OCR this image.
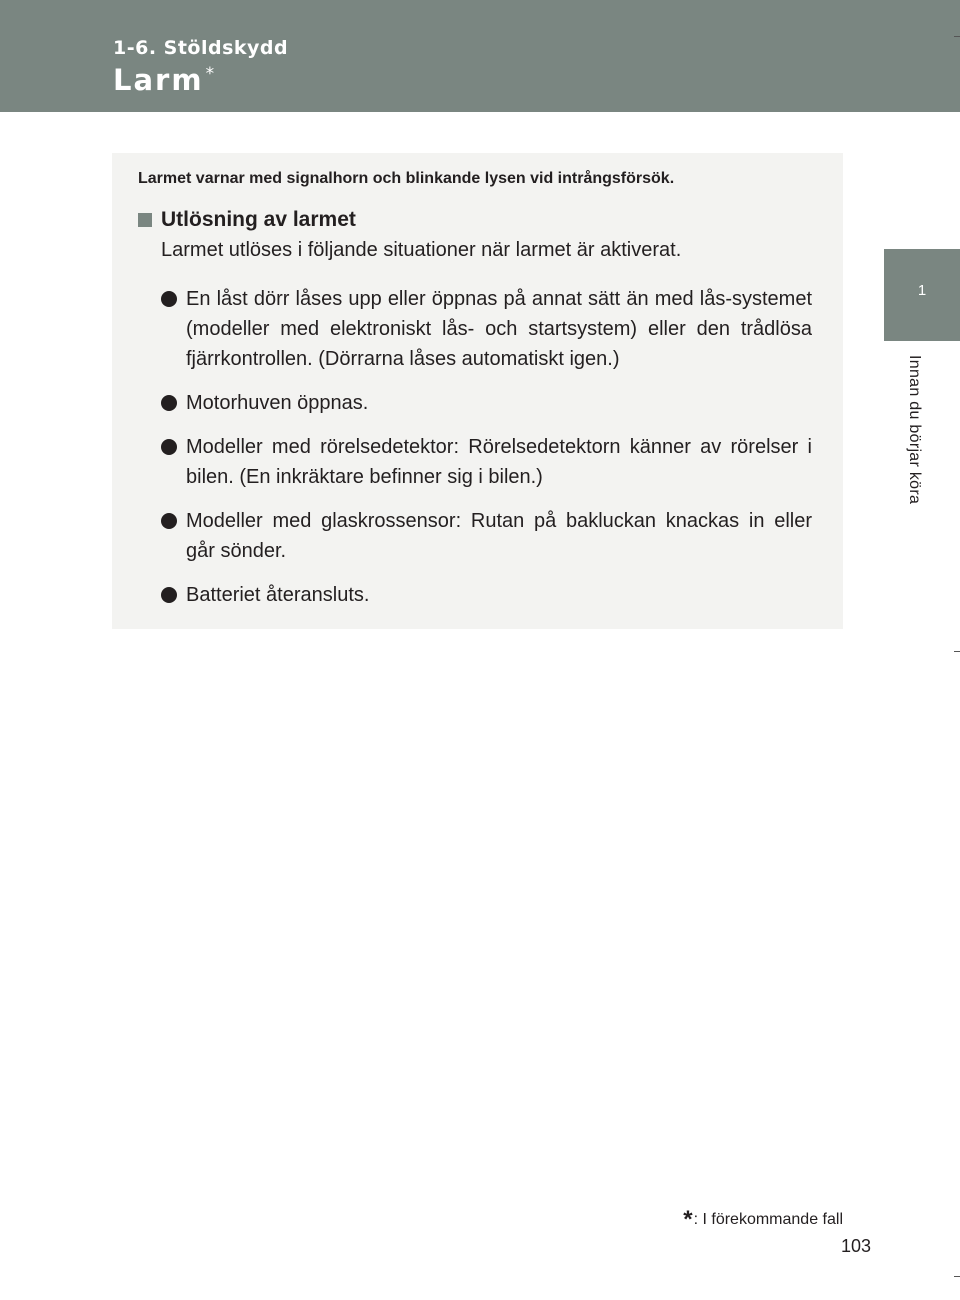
1-6. Stöldskydd
Larm *
1
Innan du börjar köra
Larmet varnar med signalhorn och blinkande lysen vid intrångsförsök.
Utlösning av larmet
Larmet utlöses i följande situationer när larmet är aktiverat.
En låst dörr låses upp eller öppnas på annat sätt än med lås-systemet (modeller med elektroniskt lås- och startsystem) eller den trådlösa fjärrkontrollen. (Dörrarna låses automatiskt igen.)
Motorhuven öppnas.
Modeller med rörelsedetektor: Rörelsedetektorn känner av rörelser i bilen. (En inkräktare befinner sig i bilen.)
Modeller med glaskrossensor: Rutan på bakluckan knackas in eller går sönder.
Batteriet återansluts.
* : I förekommande fall
103
